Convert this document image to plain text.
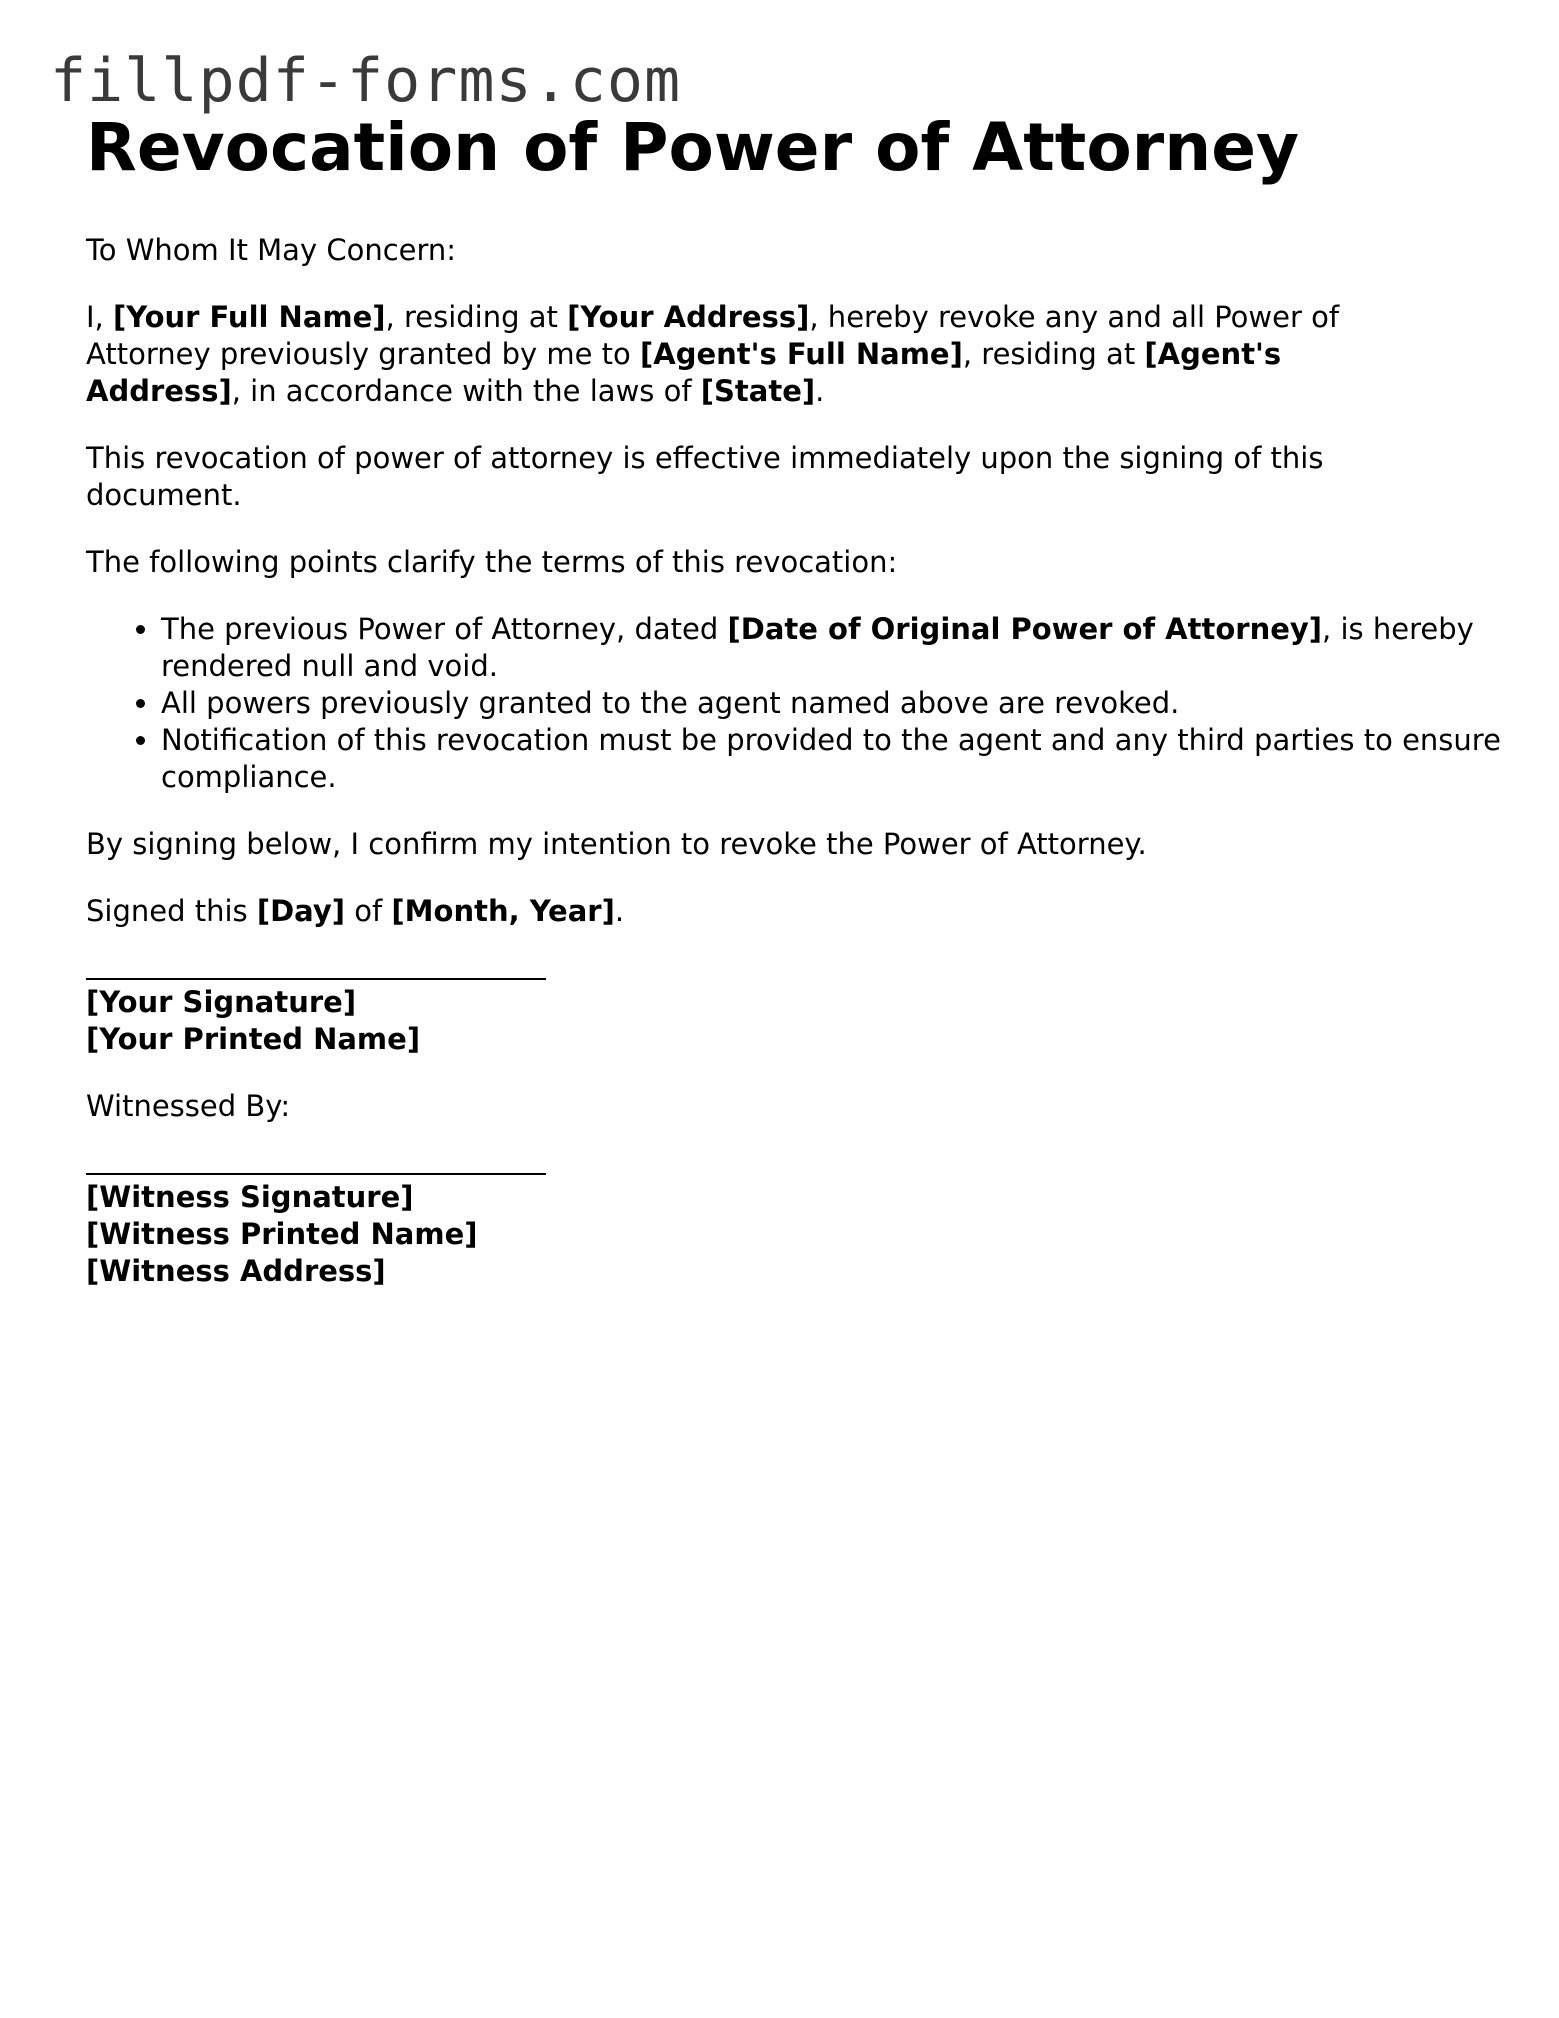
fillpdf-forms.com
Revocation of Power of Attorney

To Whom It May Concern:

I, [Your Full Name], residing at [Your Address], hereby revoke any and all Power of Attorney previously granted by me to [Agent's Full Name], residing at [Agent's Address], in accordance with the laws of [State].

This revocation of power of attorney is effective immediately upon the signing of this document.

The following points clarify the terms of this revocation:

• The previous Power of Attorney, dated [Date of Original Power of Attorney], is hereby rendered null and void.
• All powers previously granted to the agent named above are revoked.
• Notification of this revocation must be provided to the agent and any third parties to ensure compliance.

By signing below, I confirm my intention to revoke the Power of Attorney.

Signed this [Day] of [Month, Year].

[Your Signature]
[Your Printed Name]

Witnessed By:

[Witness Signature]
[Witness Printed Name]
[Witness Address]
